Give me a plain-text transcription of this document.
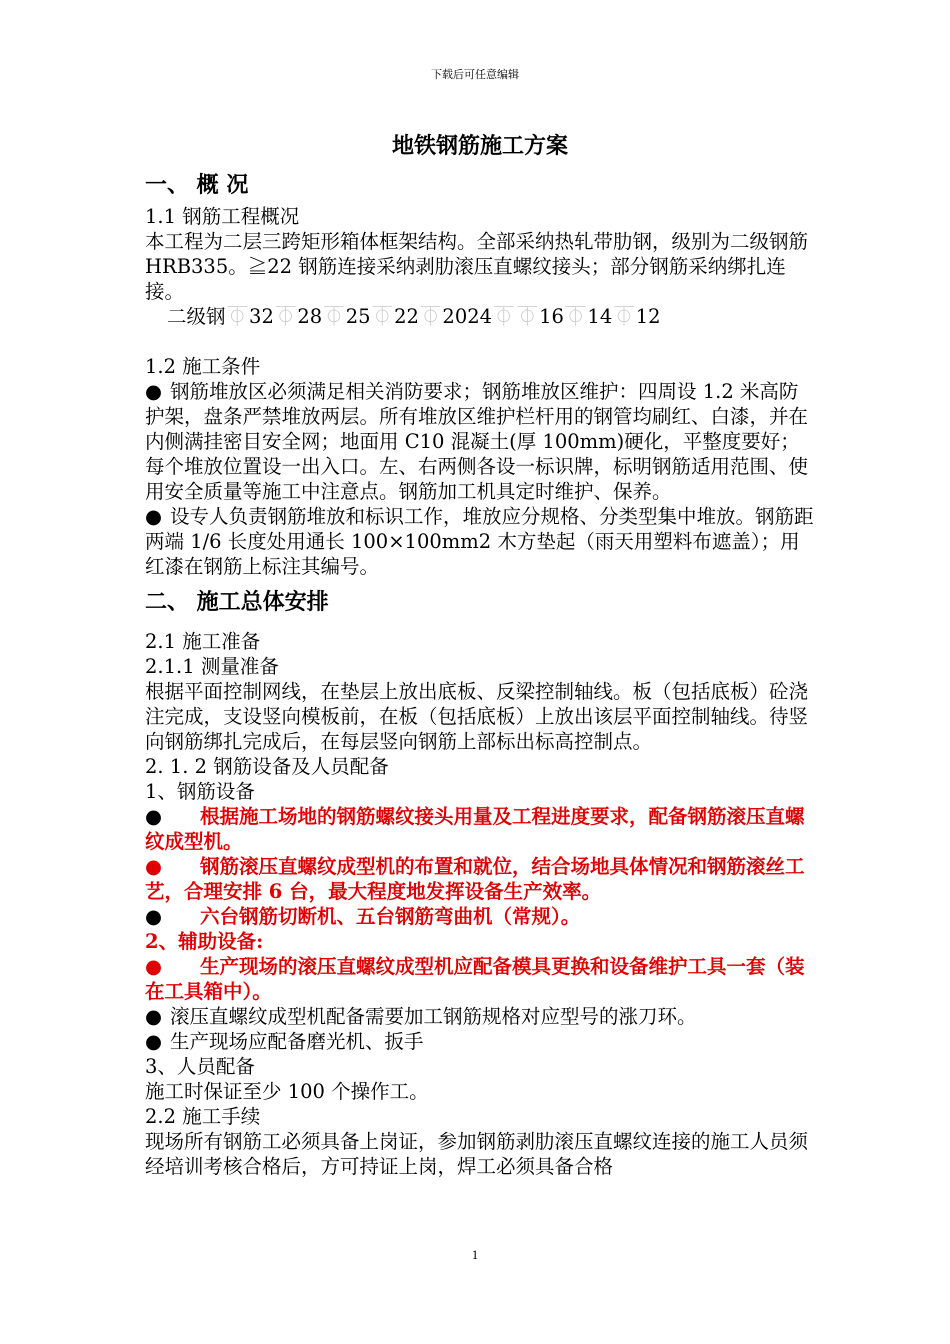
下载后可任意编辑
地铁钢筋施工方案
一、 概 况

1.1 钢筋工程概况

本工程为二层三跨矩形箱体框架结构。全部采纳热轧带肋钢，级别为二级钢筋 HRB335。≧22 钢筋连接采纳剥肋滚压直螺纹接头；部分钢筋采纳绑扎连接。

二级钢 ⏁ 32 ⏁ 28 ⏁ 25 ⏁ 22 ⏁ 2024 ⏁ ⏁ 16 ⏁ 14 ⏁ 12

1.2 施工条件

● 钢筋堆放区必须满足相关消防要求；钢筋堆放区维护：四周设 1.2 米高防护架，盘条严禁堆放两层。所有堆放区维护栏杆用的钢管均刷红、白漆，并在内侧满挂密目安全网；地面用 C10 混凝土(厚 100mm)硬化，平整度要好；每个堆放位置设一出入口。左、右两侧各设一标识牌，标明钢筋适用范围、使用安全质量等施工中注意点。钢筋加工机具定时维护、保养。

● 设专人负责钢筋堆放和标识工作，堆放应分规格、分类型集中堆放。钢筋距两端 1/6 长度处用通长 100×100mm2 木方垫起（雨天用塑料布遮盖）；用红漆在钢筋上标注其编号。

二、 施工总体安排

2.1 施工准备

2.1.1 测量准备

根据平面控制网线，在垫层上放出底板、反梁控制轴线。板（包括底板）砼浇注完成，支设竖向模板前，在板（包括底板）上放出该层平面控制轴线。待竖向钢筋绑扎完成后，在每层竖向钢筋上部标出标高控制点。

2. 1. 2 钢筋设备及人员配备

1、钢筋设备

● 根据施工场地的钢筋螺纹接头用量及工程进度要求，配备钢筋滚压直螺纹成型机。

● 钢筋滚压直螺纹成型机的布置和就位，结合场地具体情况和钢筋滚丝工艺，合理安排 6 台，最大程度地发挥设备生产效率。

● 六台钢筋切断机、五台钢筋弯曲机（常规）。

2、辅助设备:

● 生产现场的滚压直螺纹成型机应配备模具更换和设备维护工具一套（装在工具箱中）。

● 滚压直螺纹成型机配备需要加工钢筋规格对应型号的涨刀环。

● 生产现场应配备磨光机、扳手

3、人员配备

施工时保证至少 100 个操作工。

2.2 施工手续

现场所有钢筋工必须具备上岗证，参加钢筋剥肋滚压直螺纹连接的施工人员须经培训考核合格后，方可持证上岗，焊工必须具备合格

1
